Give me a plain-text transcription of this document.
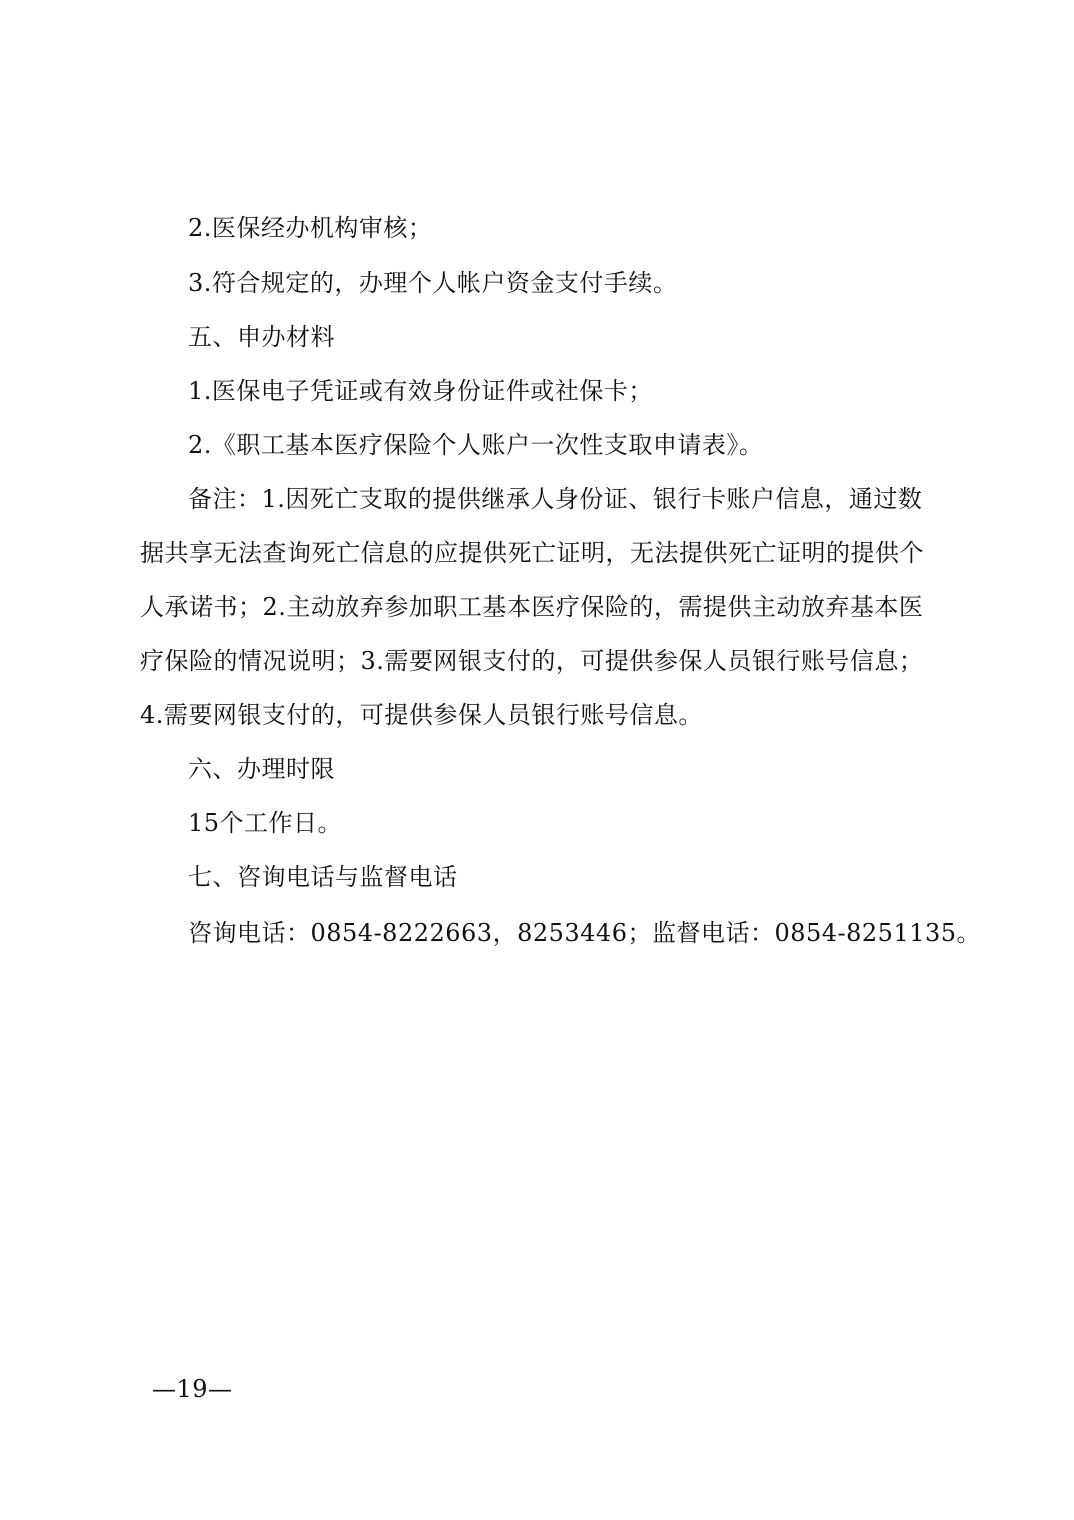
2.医保经办机构审核；
3.符合规定的，办理个人帐户资金支付手续。
五、申办材料
1.医保电子凭证或有效身份证件或社保卡；
2.《职工基本医疗保险个人账户一次性支取申请表》。
备注：1.因死亡支取的提供继承人身份证、银行卡账户信息，通过数
据共享无法查询死亡信息的应提供死亡证明，无法提供死亡证明的提供个
人承诺书；2.主动放弃参加职工基本医疗保险的，需提供主动放弃基本医
疗保险的情况说明；3.需要网银支付的，可提供参保人员银行账号信息；
4.需要网银支付的，可提供参保人员银行账号信息。
六、办理时限
15个工作日。
七、咨询电话与监督电话
咨询电话：0854-8222663，8253446；监督电话：0854-8251135。
—19—
